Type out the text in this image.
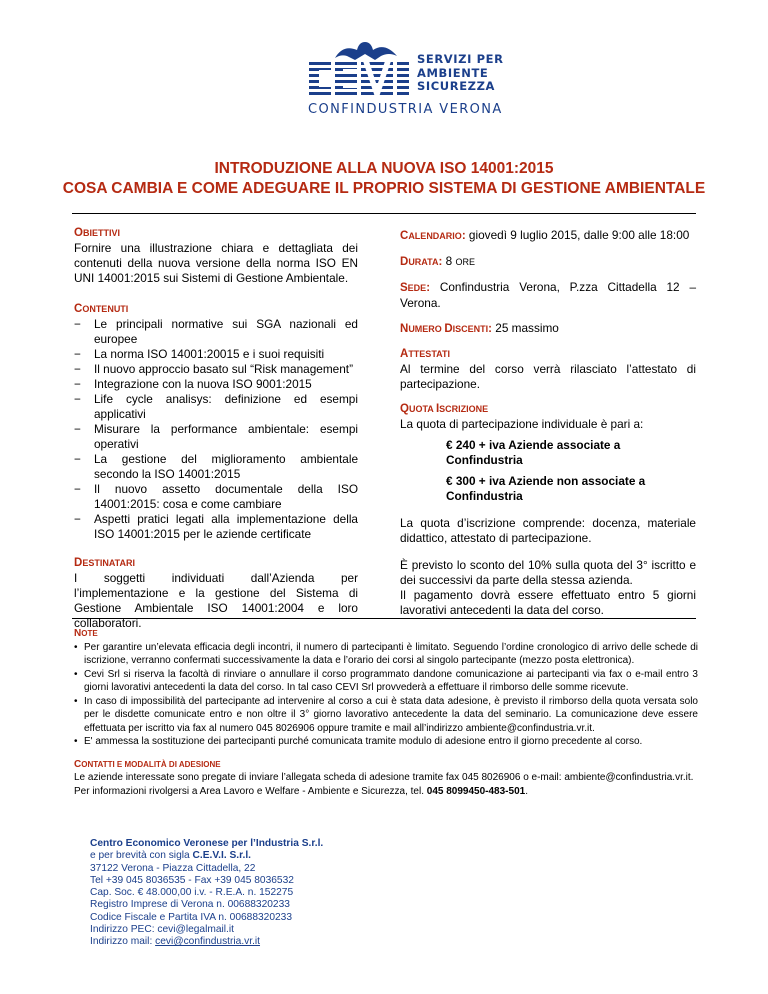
SERVIZI PER
AMBIENTE
SICUREZZA
CONFINDUSTRIA VERONA
INTRODUZIONE ALLA NUOVA ISO 14001:2015
COSA CAMBIA E COME ADEGUARE IL PROPRIO SISTEMA DI GESTIONE AMBIENTALE
OBIETTIVI
Fornire una illustrazione chiara e dettagliata dei contenuti della nuova versione della norma ISO EN UNI 14001:2015 sui Sistemi di Gestione Ambientale.
CONTENUTI
− Le principali normative sui SGA nazionali ed europee
− La norma ISO 14001:20015 e i suoi requisiti
− Il nuovo approccio basato sul “Risk management”
− Integrazione con la nuova ISO 9001:2015
− Life cycle analisys: definizione ed esempi applicativi
− Misurare la performance ambientale: esempi operativi
− La gestione del miglioramento ambientale secondo la ISO 14001:2015
− Il nuovo assetto documentale della ISO 14001:2015: cosa e come cambiare
− Aspetti pratici legati alla implementazione della ISO 14001:2015 per le aziende certificate
DESTINATARI
I soggetti individuati dall’Azienda per l’implementazione e la gestione del Sistema di Gestione Ambientale ISO 14001:2004 e loro collaboratori.
CALENDARIO: giovedì 9 luglio 2015, dalle 9:00 alle 18:00
DURATA: 8 ORE
SEDE: Confindustria Verona, P.zza Cittadella 12 – Verona.
NUMERO DISCENTI: 25 massimo
ATTESTATI
Al termine del corso verrà rilasciato l’attestato di partecipazione.
QUOTA ISCRIZIONE
La quota di partecipazione individuale è pari a:
€ 240 + iva Aziende associate a Confindustria
€ 300 + iva Aziende non associate a Confindustria
La quota d’iscrizione comprende: docenza, materiale didattico, attestato di partecipazione.
È previsto lo sconto del 10% sulla quota del 3° iscritto e dei successivi da parte della stessa azienda.
Il pagamento dovrà essere effettuato entro 5 giorni lavorativi antecedenti la data del corso.
NOTE
• Per garantire un’elevata efficacia degli incontri, il numero di partecipanti è limitato. Seguendo l’ordine cronologico di arrivo delle schede di iscrizione, verranno confermati successivamente la data e l’orario dei corsi al singolo partecipante (mezzo posta elettronica).
• Cevi Srl si riserva la facoltà di rinviare o annullare il corso programmato dandone comunicazione ai partecipanti via fax o e-mail entro 3 giorni lavorativi antecedenti la data del corso. In tal caso CEVI Srl provvederà a effettuare il rimborso delle somme ricevute.
• In caso di impossibilità del partecipante ad intervenire al corso a cui è stata data adesione, è previsto il rimborso della quota versata solo per le disdette comunicate entro e non oltre il 3° giorno lavorativo antecedente la data del seminario. La comunicazione deve essere effettuata per iscritto via fax al numero 045 8026906 oppure tramite e mail all’indirizzo ambiente@confindustria.vr.it.
• E' ammessa la sostituzione dei partecipanti purché comunicata tramite modulo di adesione entro il giorno precedente al corso.
CONTATTI E MODALITÀ DI ADESIONE
Le aziende interessate sono pregate di inviare l’allegata scheda di adesione tramite fax 045 8026906 o e-mail: ambiente@confindustria.vr.it.
Per informazioni rivolgersi a Area Lavoro e Welfare - Ambiente e Sicurezza, tel. 045 8099450-483-501.
Centro Economico Veronese per l’Industria S.r.l.
e per brevità con sigla C.E.V.I. S.r.l.
37122 Verona - Piazza Cittadella, 22
Tel +39 045 8036535 - Fax +39 045 8036532
Cap. Soc. € 48.000,00 i.v. - R.E.A. n. 152275
Registro Imprese di Verona n. 00688320233
Codice Fiscale e Partita IVA n. 00688320233
Indirizzo PEC: cevi@legalmail.it
Indirizzo mail: cevi@confindustria.vr.it
